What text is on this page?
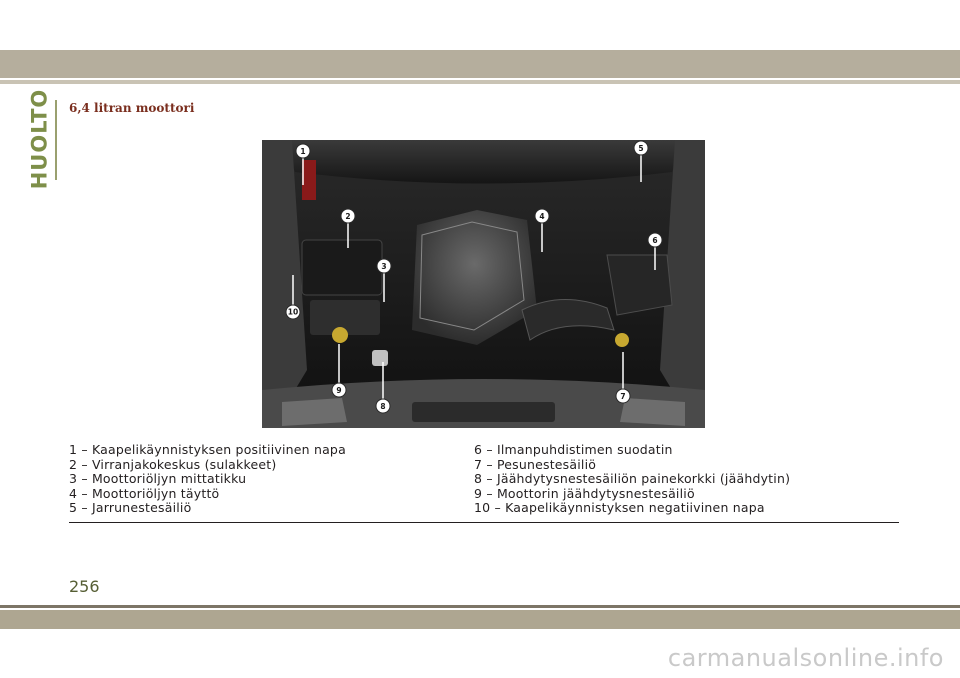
HUOLTO 6,4 litran moottori
1
2
3
4
5
6
7
8
9
10
1 – Kaapelikäynnistyksen positiivinen napa
2 – Virranjakokeskus (sulakkeet)
3 – Moottoriöljyn mittatikku
4 – Moottoriöljyn täyttö
5 – Jarrunestesäiliö
6 – Ilmanpuhdistimen suodatin
7 – Pesunestesäiliö
8 – Jäähdytysnestesäiliön painekorkki (jäähdytin)
9 – Moottorin jäähdytysnestesäiliö
10 – Kaapelikäynnistyksen negatiivinen napa
256
carmanualsonline.info
